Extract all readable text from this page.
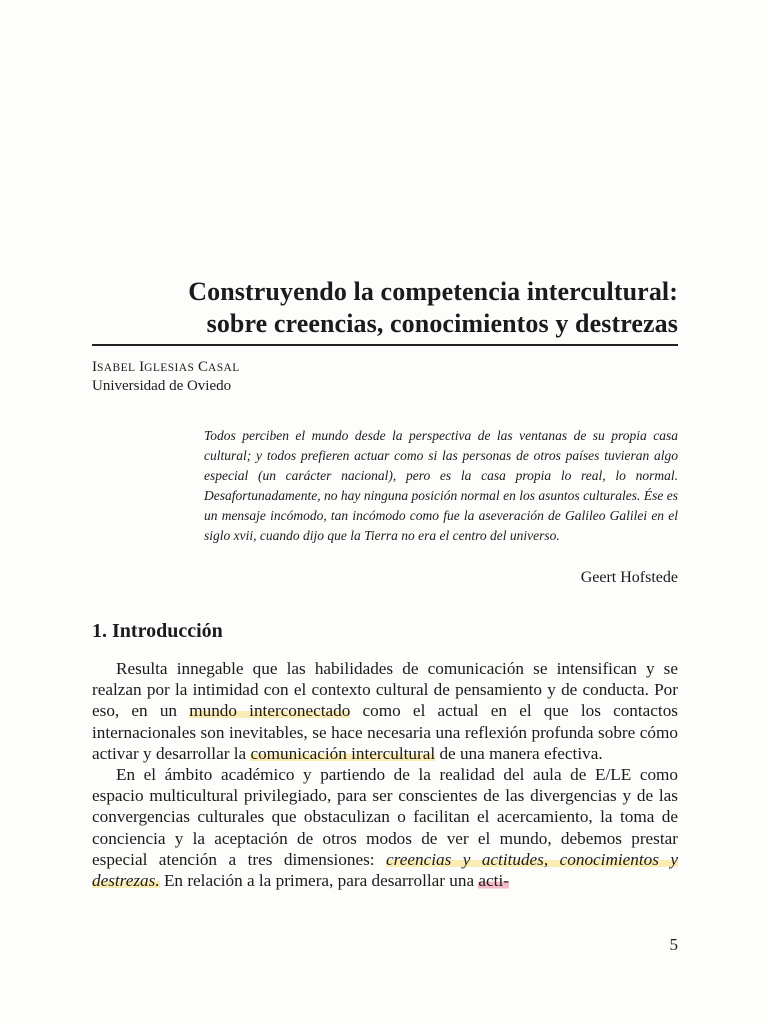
Construyendo la competencia intercultural:
sobre creencias, conocimientos y destrezas
ISABEL IGLESIAS CASAL
Universidad de Oviedo

Todos perciben el mundo desde la perspectiva de las ventanas de su propia casa cultural; y todos prefieren actuar como si las personas de otros países tuvieran algo especial (un carácter nacional), pero es la casa propia lo real, lo normal. Desafortunadamente, no hay ninguna posición normal en los asuntos culturales. Ése es un mensaje incómodo, tan incómodo como fue la aseveración de Galileo Galilei en el siglo xvii, cuando dijo que la Tierra no era el centro del universo.

Geert Hofstede
1. Introducción

Resulta innegable que las habilidades de comunicación se intensifican y se realzan por la intimidad con el contexto cultural de pensamiento y de conducta. Por eso, en un mundo interconectado como el actual en el que los contactos internacionales son inevitables, se hace necesaria una reflexión profunda sobre cómo activar y desarrollar la comunicación intercultural de una manera efectiva.

En el ámbito académico y partiendo de la realidad del aula de E/LE como espacio multicultural privilegiado, para ser conscientes de las divergencias y de las convergencias culturales que obstaculizan o facilitan el acercamiento, la toma de conciencia y la aceptación de otros modos de ver el mundo, debemos prestar especial atención a tres dimensiones: creencias y actitudes, conocimientos y destrezas. En relación a la primera, para desarrollar una acti-

5
